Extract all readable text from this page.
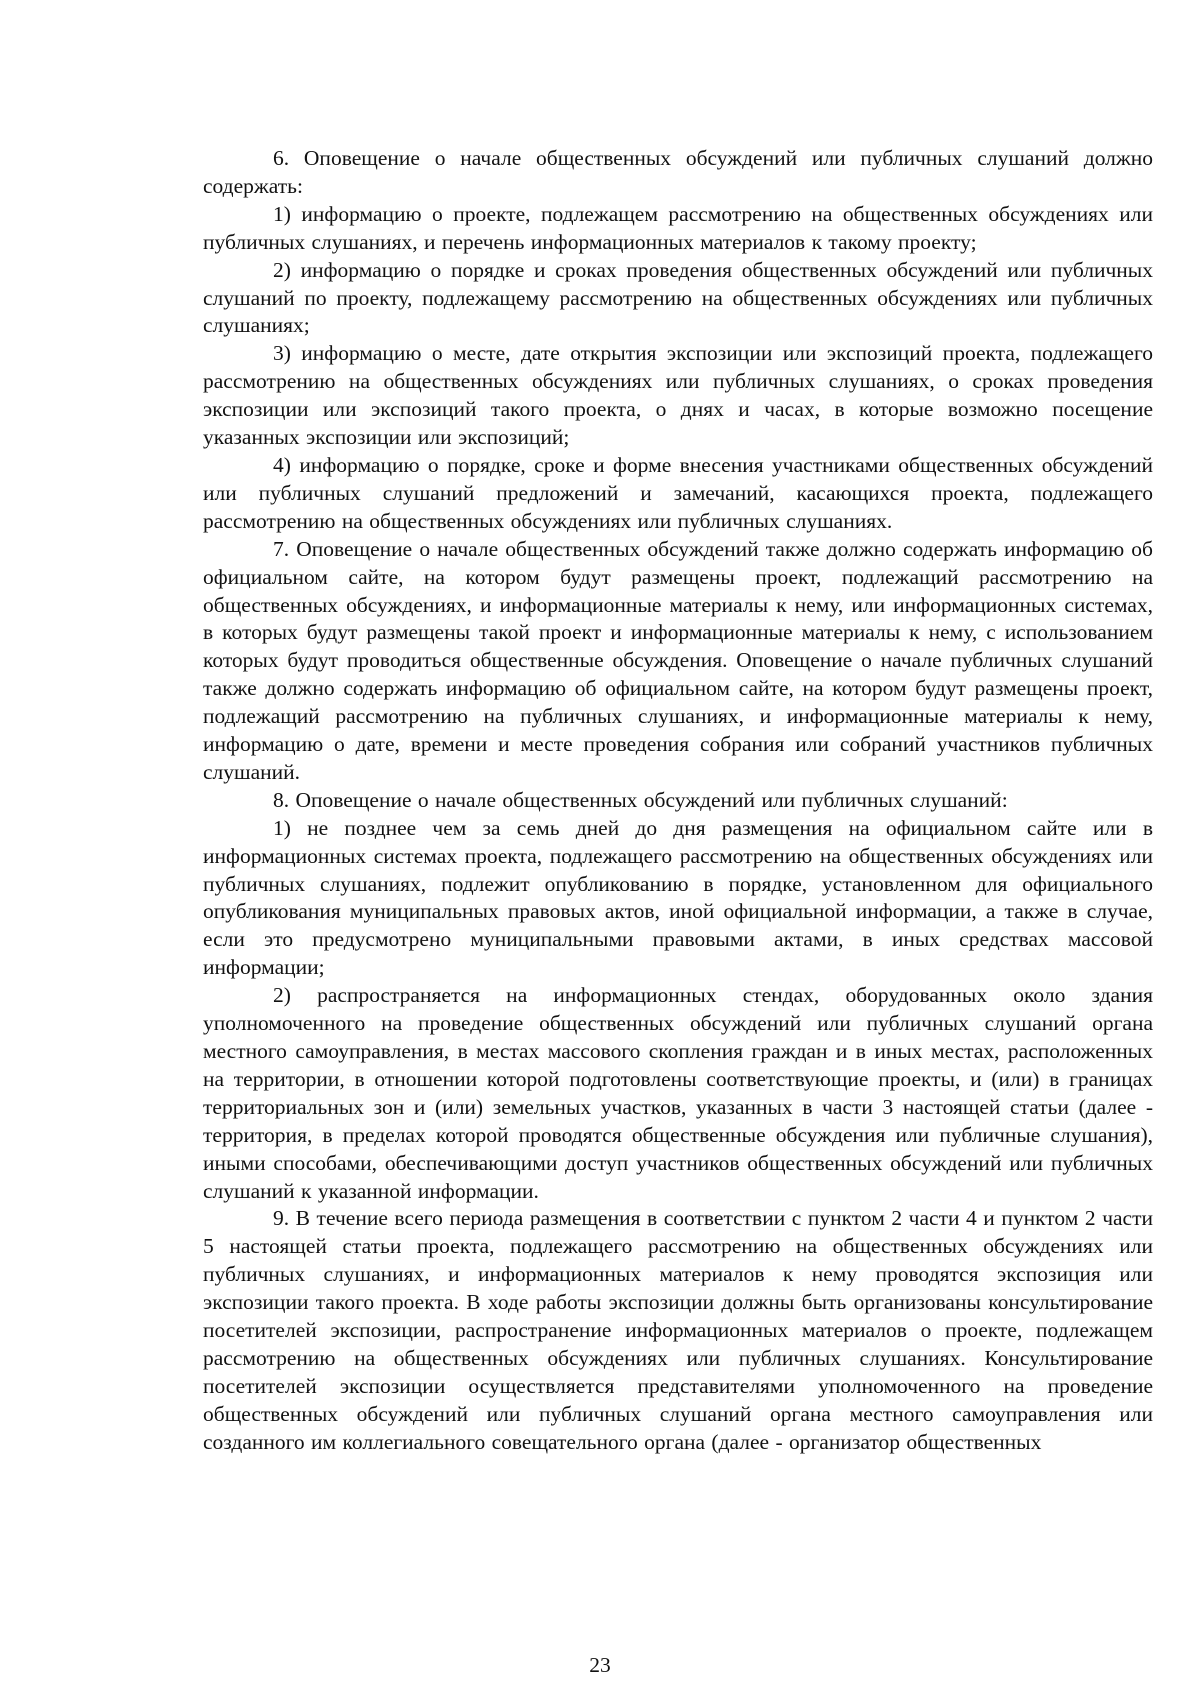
6. Оповещение о начале общественных обсуждений или публичных слушаний должно содержать:

1) информацию о проекте, подлежащем рассмотрению на общественных обсуждениях или публичных слушаниях, и перечень информационных материалов к такому проекту;

2) информацию о порядке и сроках проведения общественных обсуждений или публичных слушаний по проекту, подлежащему рассмотрению на общественных обсуждениях или публичных слушаниях;

3) информацию о месте, дате открытия экспозиции или экспозиций проекта, подлежащего рассмотрению на общественных обсуждениях или публичных слушаниях, о сроках проведения экспозиции или экспозиций такого проекта, о днях и часах, в которые возможно посещение указанных экспозиции или экспозиций;

4) информацию о порядке, сроке и форме внесения участниками общественных обсуждений или публичных слушаний предложений и замечаний, касающихся проекта, подлежащего рассмотрению на общественных обсуждениях или публичных слушаниях.

7. Оповещение о начале общественных обсуждений также должно содержать информацию об официальном сайте, на котором будут размещены проект, подлежащий рассмотрению на общественных обсуждениях, и информационные материалы к нему, или информационных системах, в которых будут размещены такой проект и информационные материалы к нему, с использованием которых будут проводиться общественные обсуждения. Оповещение о начале публичных слушаний также должно содержать информацию об официальном сайте, на котором будут размещены проект, подлежащий рассмотрению на публичных слушаниях, и информационные материалы к нему, информацию о дате, времени и месте проведения собрания или собраний участников публичных слушаний.

8. Оповещение о начале общественных обсуждений или публичных слушаний:

1) не позднее чем за семь дней до дня размещения на официальном сайте или в информационных системах проекта, подлежащего рассмотрению на общественных обсуждениях или публичных слушаниях, подлежит опубликованию в порядке, установленном для официального опубликования муниципальных правовых актов, иной официальной информации, а также в случае, если это предусмотрено муниципальными правовыми актами, в иных средствах массовой информации;

2) распространяется на информационных стендах, оборудованных около здания уполномоченного на проведение общественных обсуждений или публичных слушаний органа местного самоуправления, в местах массового скопления граждан и в иных местах, расположенных на территории, в отношении которой подготовлены соответствующие проекты, и (или) в границах территориальных зон и (или) земельных участков, указанных в части 3 настоящей статьи (далее - территория, в пределах которой проводятся общественные обсуждения или публичные слушания), иными способами, обеспечивающими доступ участников общественных обсуждений или публичных слушаний к указанной информации.

9. В течение всего периода размещения в соответствии с пунктом 2 части 4 и пунктом 2 части 5 настоящей статьи проекта, подлежащего рассмотрению на общественных обсуждениях или публичных слушаниях, и информационных материалов к нему проводятся экспозиция или экспозиции такого проекта. В ходе работы экспозиции должны быть организованы консультирование посетителей экспозиции, распространение информационных материалов о проекте, подлежащем рассмотрению на общественных обсуждениях или публичных слушаниях. Консультирование посетителей экспозиции осуществляется представителями уполномоченного на проведение общественных обсуждений или публичных слушаний органа местного самоуправления или созданного им коллегиального совещательного органа (далее - организатор общественных

23
